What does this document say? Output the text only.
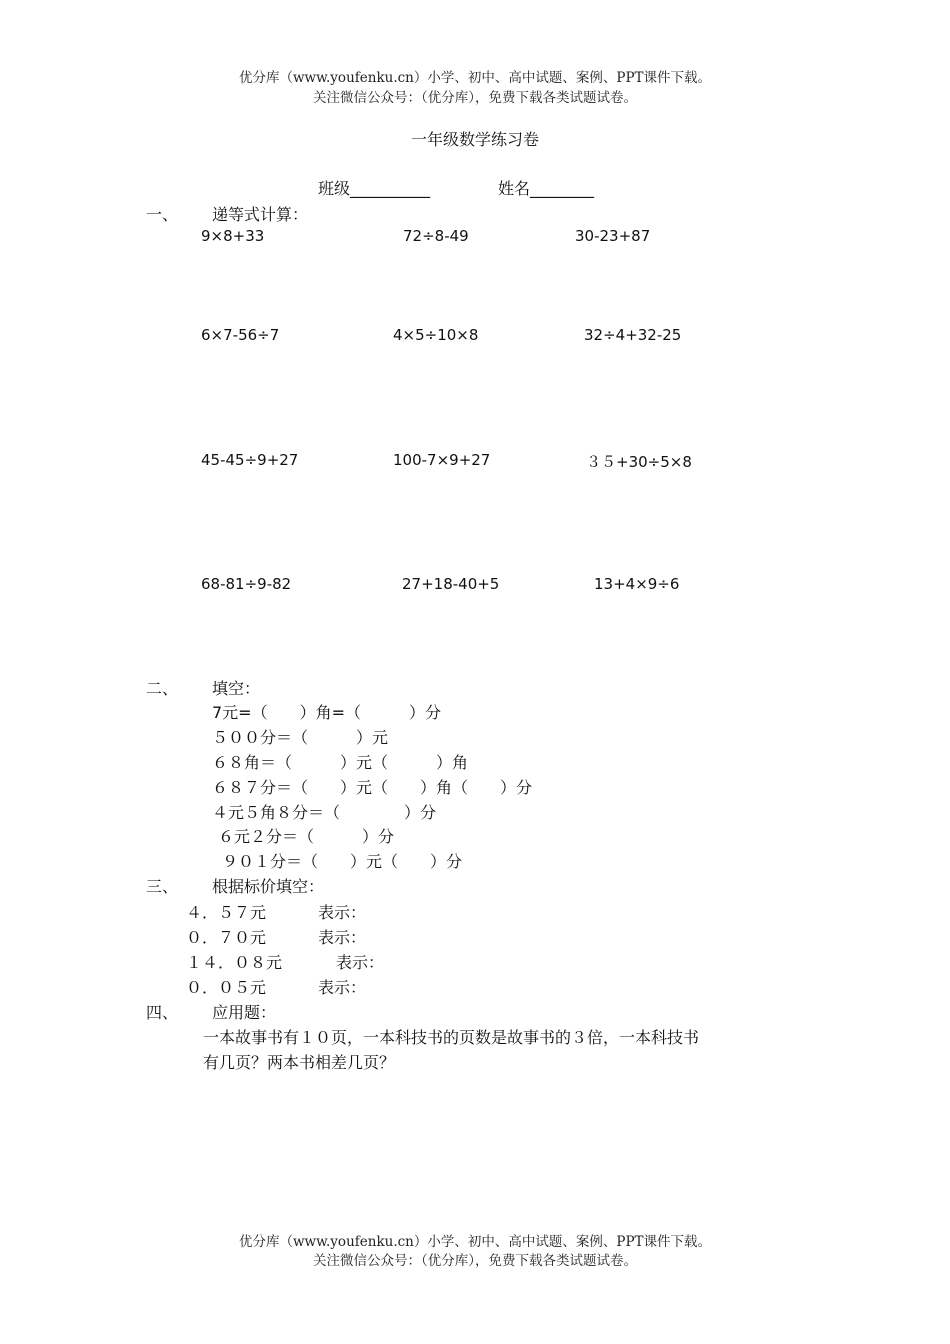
优分库（www.youfenku.cn）小学、初中、高中试题、案例、PPT课件下载。
关注微信公众号：（优分库），免费下载各类试题试卷。
一年级数学练习卷
班级__________	姓名________
一、 递等式计算：
9×8+33	72÷8-49	30-23+87
6×7-56÷7	4×5÷10×8	32÷4+32-25
45-45÷9+27	100-7×9+27	３５+30÷5×8
68-81÷9-82	27+18-40+5	13+4×9÷6
二、 填空：
7元=（　　）角=（　　　）分
５００分＝（　　　）元
６８角＝（　　　）元（　　　）角
６８７分＝（　　）元（　　）角（　　）分
４元５角８分＝（　　　　）分
６元２分＝（　　　）分
９０１分＝（　　）元（　　）分
三、 根据标价填空：
４．５７元	表示：
０．７０元	表示：
１４．０８元	表示：
０．０５元	表示：
四、 应用题：
一本故事书有１０页，一本科技书的页数是故事书的３倍，一本科技书
有几页？两本书相差几页？
优分库（www.youfenku.cn）小学、初中、高中试题、案例、PPT课件下载。
关注微信公众号：（优分库），免费下载各类试题试卷。
